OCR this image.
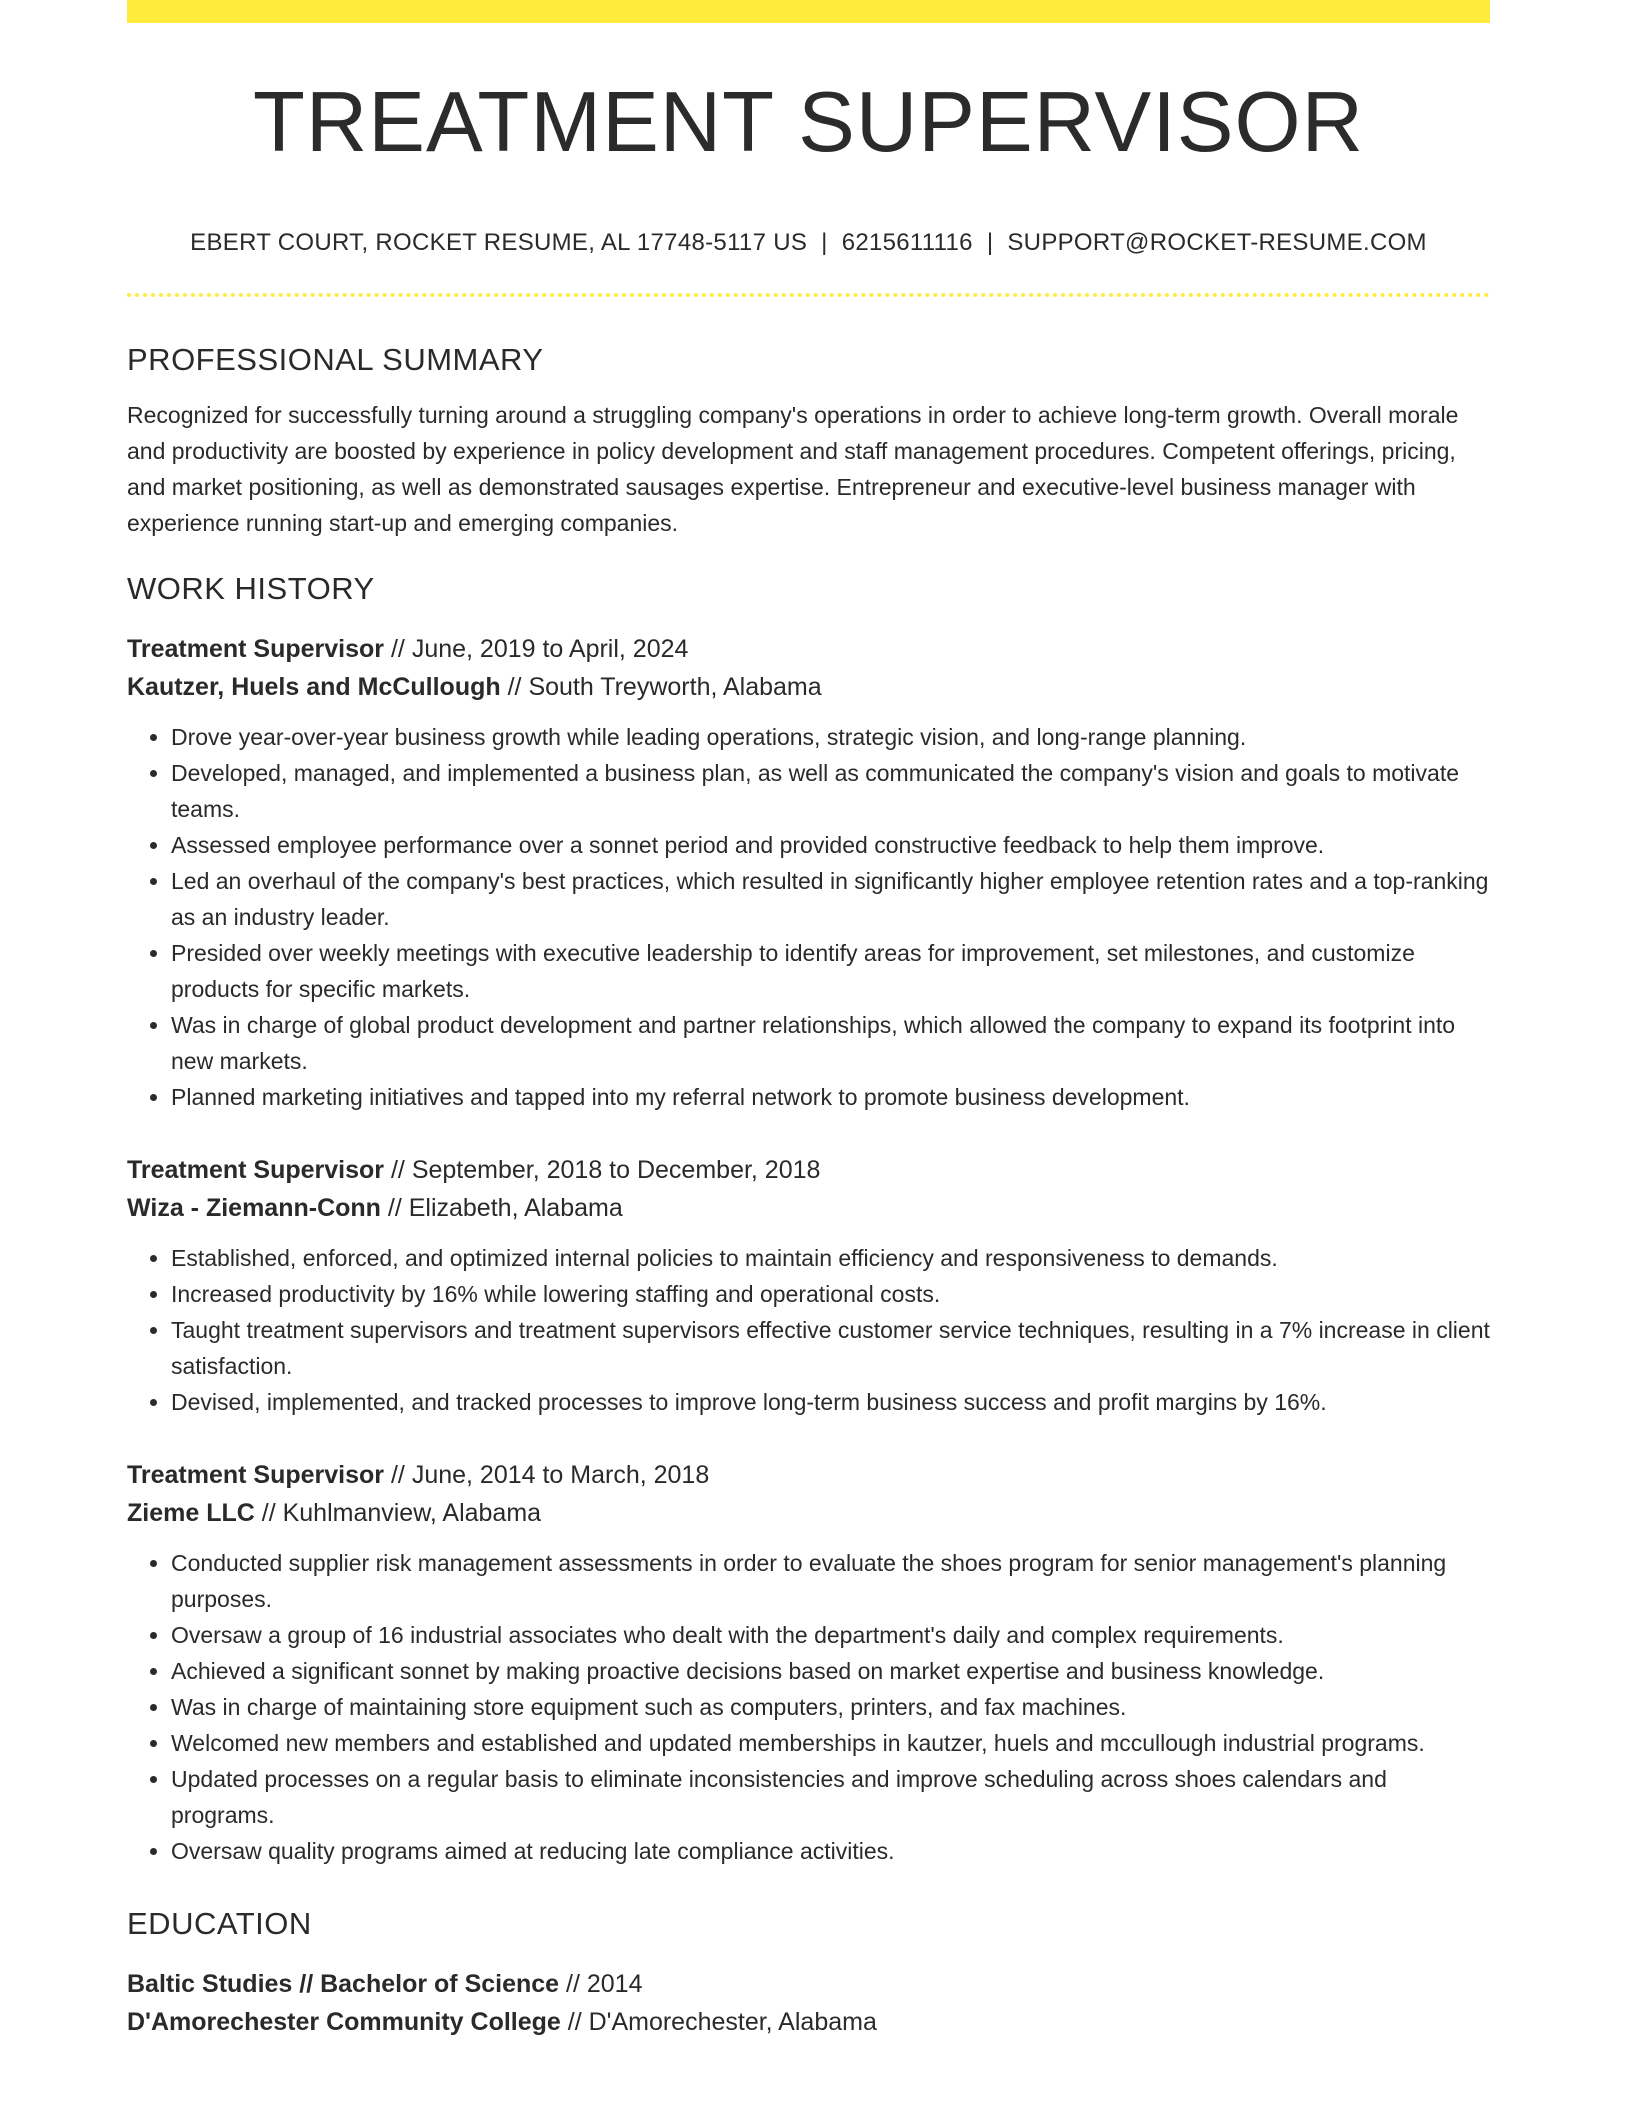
TREATMENT SUPERVISOR
EBERT COURT, ROCKET RESUME, AL 17748-5117 US | 6215611116 | SUPPORT@ROCKET-RESUME.COM
PROFESSIONAL SUMMARY
Recognized for successfully turning around a struggling company's operations in order to achieve long-term growth. Overall morale and productivity are boosted by experience in policy development and staff management procedures. Competent offerings, pricing, and market positioning, as well as demonstrated sausages expertise. Entrepreneur and executive-level business manager with experience running start-up and emerging companies.
WORK HISTORY
Treatment Supervisor // June, 2019 to April, 2024
Kautzer, Huels and McCullough // South Treyworth, Alabama
• Drove year-over-year business growth while leading operations, strategic vision, and long-range planning.
• Developed, managed, and implemented a business plan, as well as communicated the company's vision and goals to motivate teams.
• Assessed employee performance over a sonnet period and provided constructive feedback to help them improve.
• Led an overhaul of the company's best practices, which resulted in significantly higher employee retention rates and a top-ranking as an industry leader.
• Presided over weekly meetings with executive leadership to identify areas for improvement, set milestones, and customize products for specific markets.
• Was in charge of global product development and partner relationships, which allowed the company to expand its footprint into new markets.
• Planned marketing initiatives and tapped into my referral network to promote business development.
Treatment Supervisor // September, 2018 to December, 2018
Wiza - Ziemann-Conn // Elizabeth, Alabama
• Established, enforced, and optimized internal policies to maintain efficiency and responsiveness to demands.
• Increased productivity by 16% while lowering staffing and operational costs.
• Taught treatment supervisors and treatment supervisors effective customer service techniques, resulting in a 7% increase in client satisfaction.
• Devised, implemented, and tracked processes to improve long-term business success and profit margins by 16%.
Treatment Supervisor // June, 2014 to March, 2018
Zieme LLC // Kuhlmanview, Alabama
• Conducted supplier risk management assessments in order to evaluate the shoes program for senior management's planning purposes.
• Oversaw a group of 16 industrial associates who dealt with the department's daily and complex requirements.
• Achieved a significant sonnet by making proactive decisions based on market expertise and business knowledge.
• Was in charge of maintaining store equipment such as computers, printers, and fax machines.
• Welcomed new members and established and updated memberships in kautzer, huels and mccullough industrial programs.
• Updated processes on a regular basis to eliminate inconsistencies and improve scheduling across shoes calendars and programs.
• Oversaw quality programs aimed at reducing late compliance activities.
EDUCATION
Baltic Studies // Bachelor of Science // 2014
D'Amorechester Community College // D'Amorechester, Alabama
